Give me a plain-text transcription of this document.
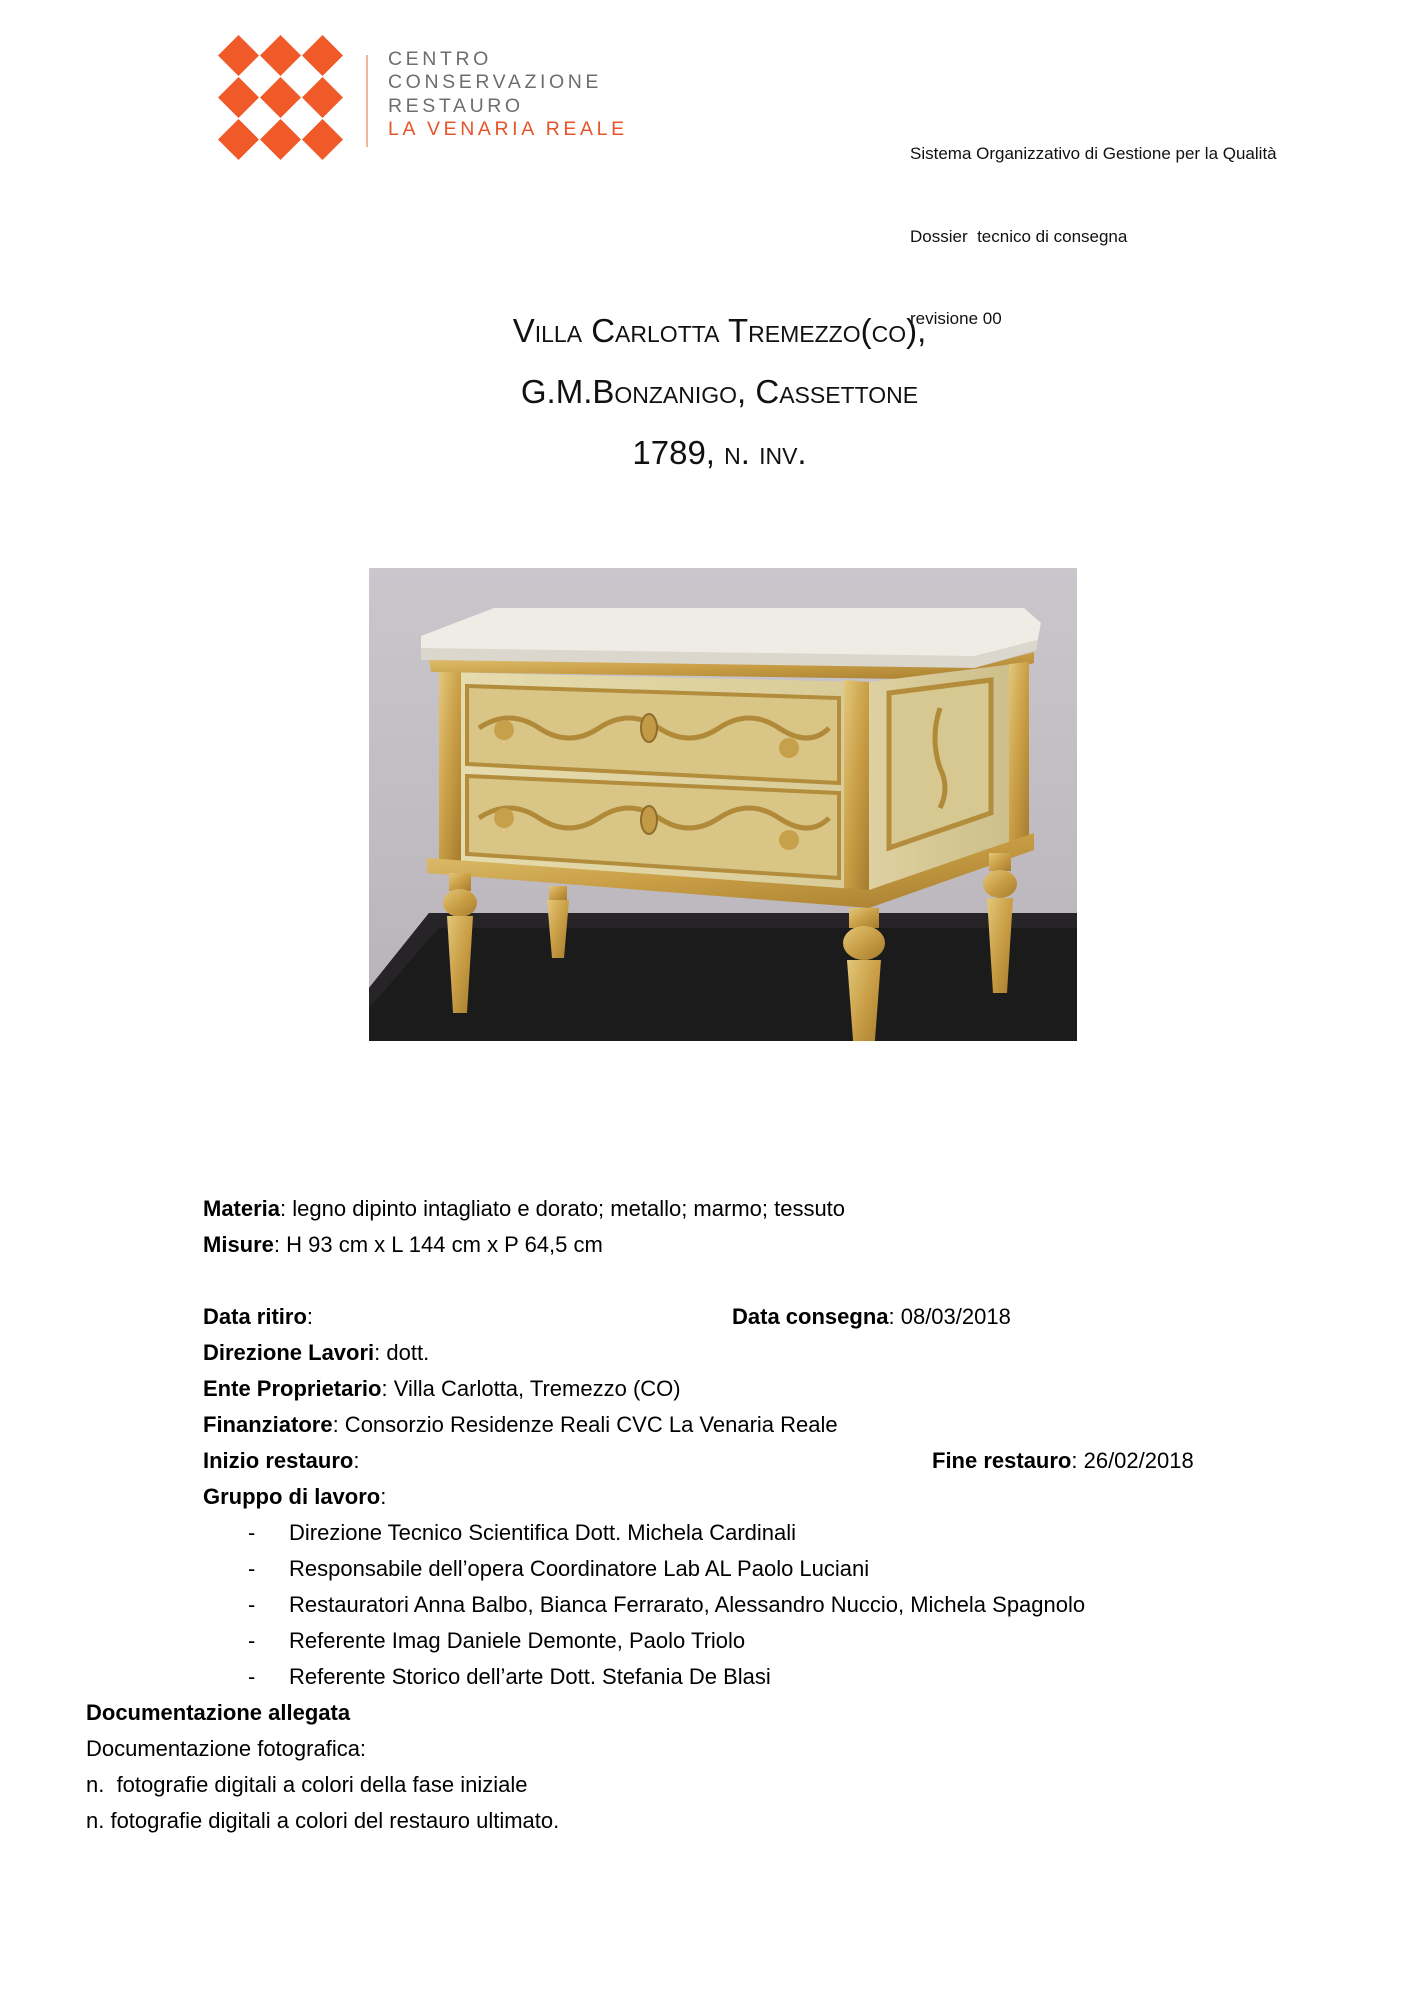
CENTRO
CONSERVAZIONE
RESTAURO
LA VENARIA REALE

Sistema Organizzativo di Gestione per la Qualità

Dossier  tecnico di consegna

revisione 00

Villa Carlotta Tremezzo(co),
G.M.Bonzanigo, Cassettone
1789, n. inv.
Materia: legno dipinto intagliato e dorato; metallo; marmo; tessuto
Misure: H 93 cm x L 144 cm x P 64,5 cm
Data ritiro:	Data consegna: 08/03/2018
Direzione Lavori: dott.
Ente Proprietario: Villa Carlotta, Tremezzo (CO)
Finanziatore: Consorzio Residenze Reali CVC La Venaria Reale
Inizio restauro:	Fine restauro: 26/02/2018
Gruppo di lavoro:
- Direzione Tecnico Scientifica Dott. Michela Cardinali
- Responsabile dell’opera Coordinatore Lab AL Paolo Luciani
- Restauratori Anna Balbo, Bianca Ferrarato, Alessandro Nuccio, Michela Spagnolo
- Referente Imag Daniele Demonte, Paolo Triolo
- Referente Storico dell’arte Dott. Stefania De Blasi
Documentazione allegata
Documentazione fotografica:
n.  fotografie digitali a colori della fase iniziale
n. fotografie digitali a colori del restauro ultimato.
